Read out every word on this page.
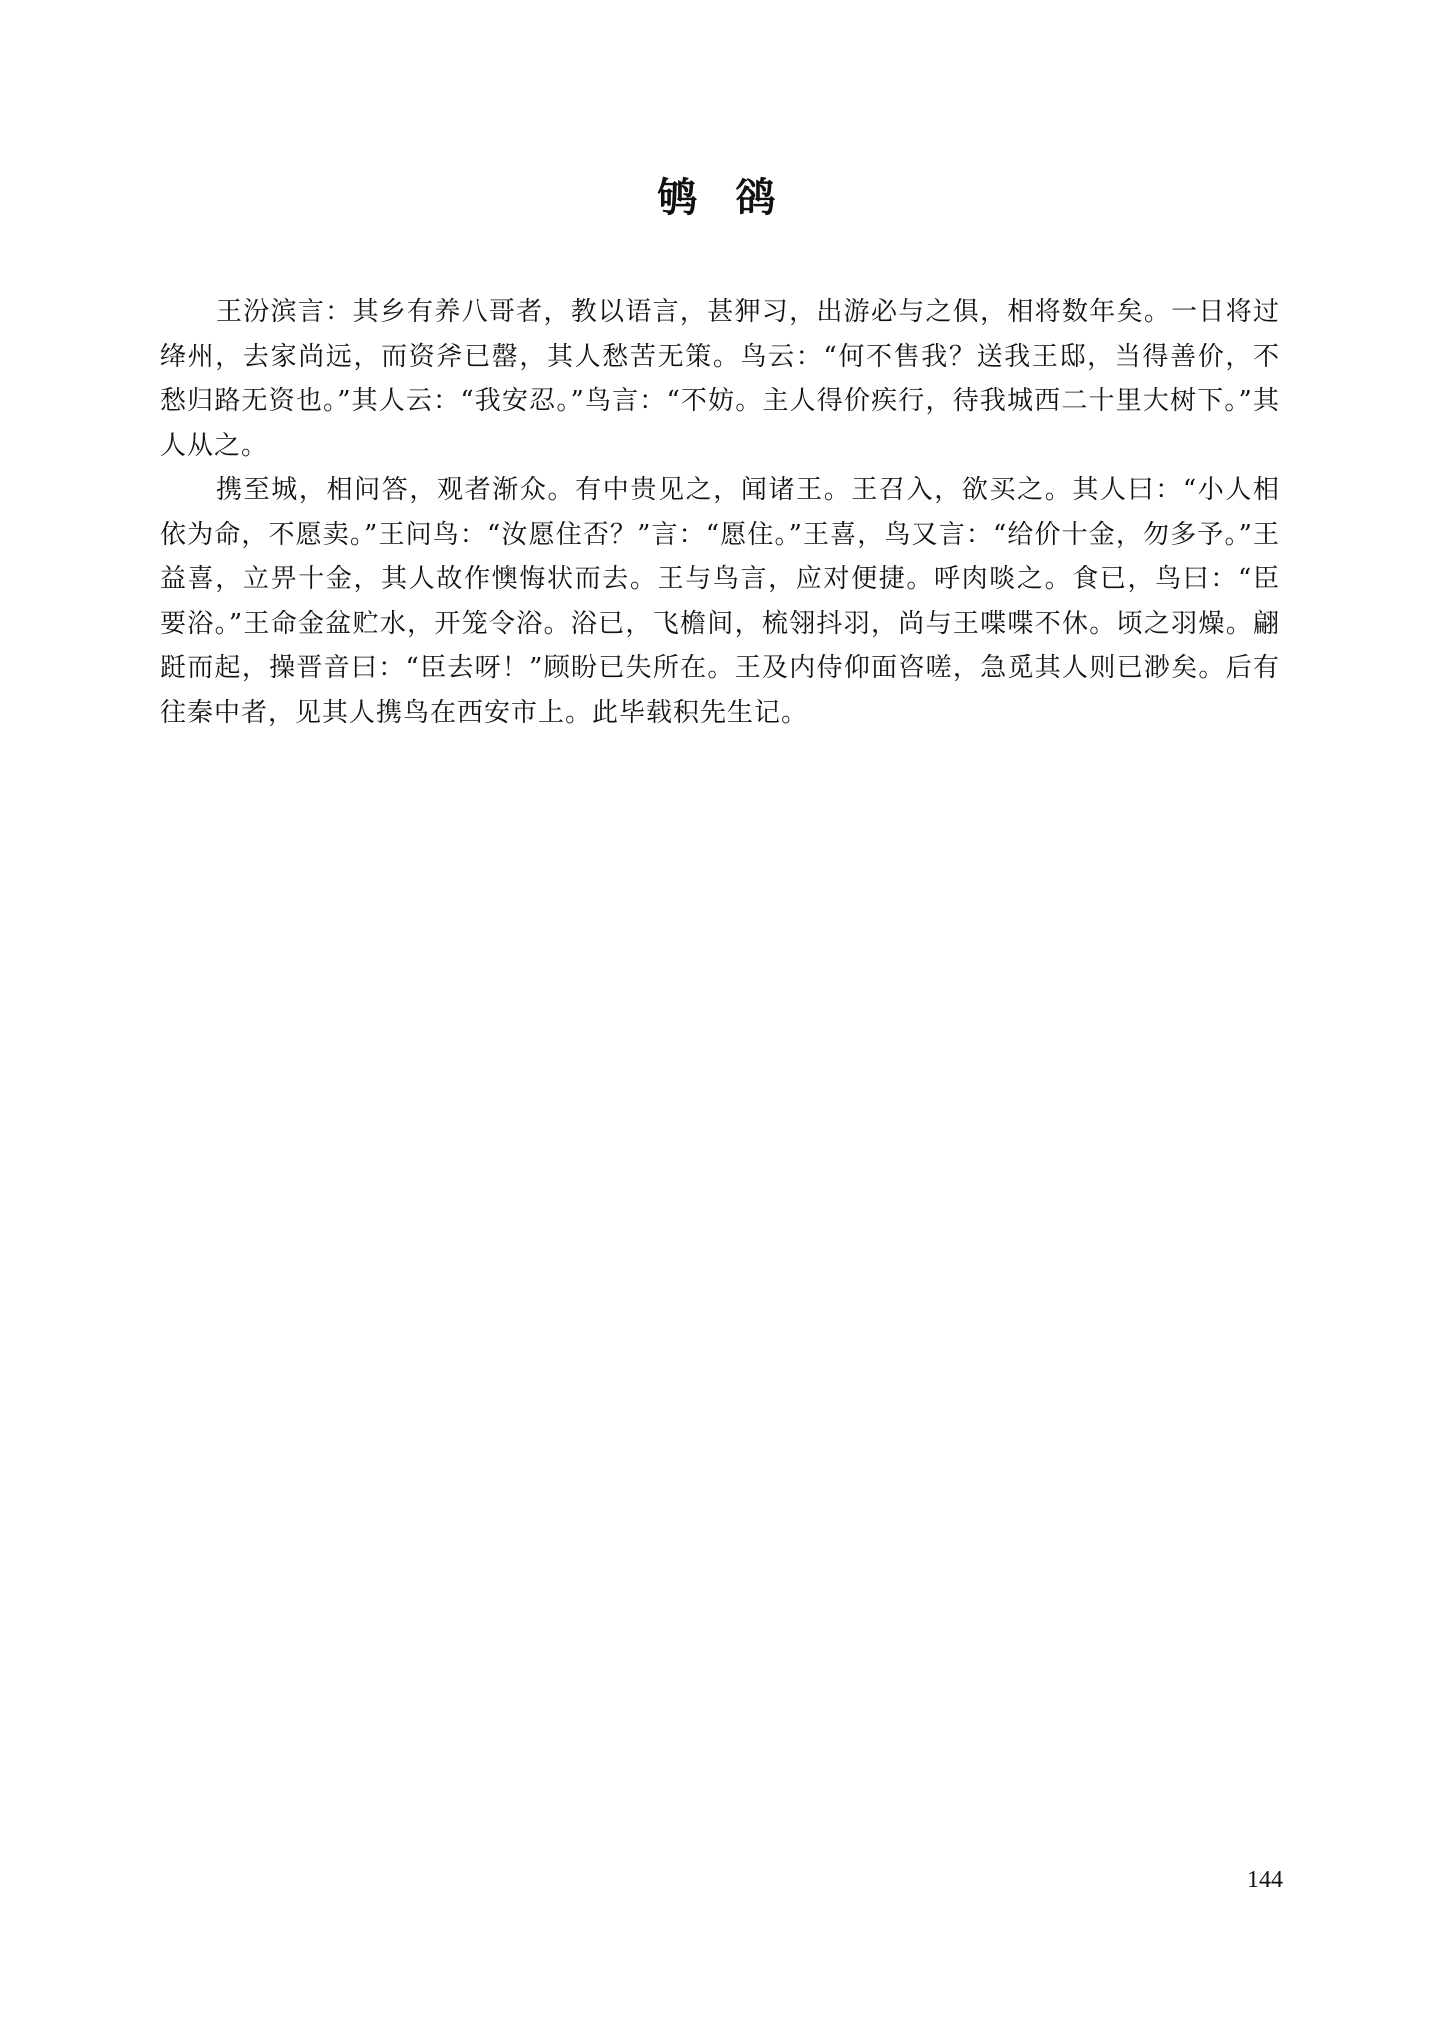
鸲鹆

王汾滨言：其乡有养八哥者，教以语言，甚狎习，出游必与之俱，相将数年矣。一日将过绛州，去家尚远，而资斧已罄，其人愁苦无策。鸟云：“何不售我？送我王邸，当得善价，不愁归路无资也。”其人云：“我安忍。”鸟言：“不妨。主人得价疾行，待我城西二十里大树下。”其人从之。

携至城，相问答，观者渐众。有中贵见之，闻诸王。王召入，欲买之。其人曰：“小人相依为命，不愿卖。”王问鸟：“汝愿住否？”言：“愿住。”王喜，鸟又言：“给价十金，勿多予。”王益喜，立畀十金，其人故作懊悔状而去。王与鸟言，应对便捷。呼肉啖之。食已，鸟曰：“臣要浴。”王命金盆贮水，开笼令浴。浴已，飞檐间，梳翎抖羽，尚与王喋喋不休。顷之羽燥。翩跹而起，操晋音曰：“臣去呀！”顾盼已失所在。王及内侍仰面咨嗟，急觅其人则已渺矣。后有往秦中者，见其人携鸟在西安市上。此毕载积先生记。

144
